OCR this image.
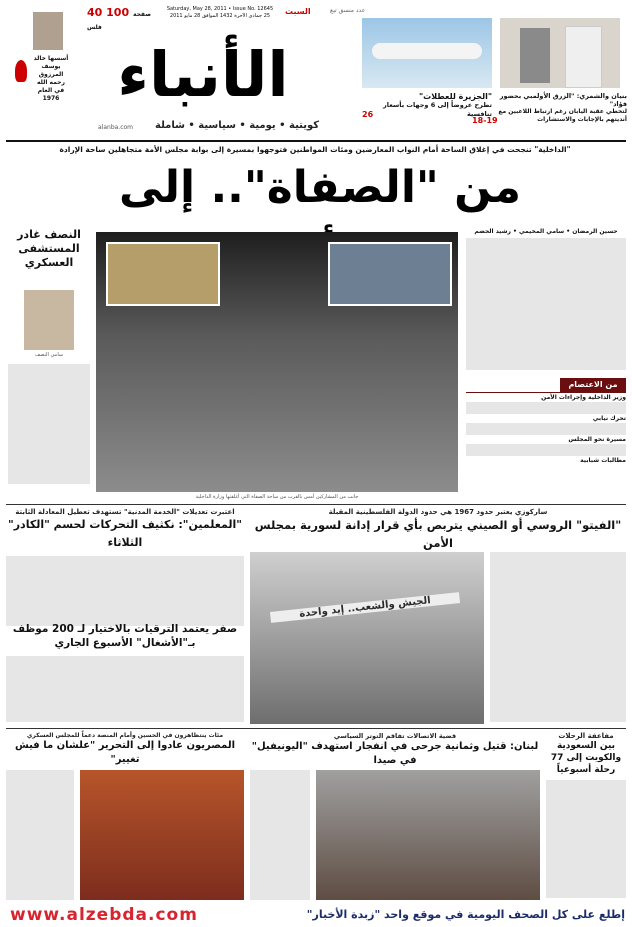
أسسها خالد يوسف المرزوق رحمه الله في العام
1976
40	صفحة 100 فلس
Saturday, May 28, 2011 • Issue No. 12645
25 جمادى الآخرة 1432 الموافق 28 مايو 2011	السبت	عدد منسق تبع
الأنباء
كويتية • يومية • سياسية • شاملة
alanba.com
"الجزيرة للعطلات"
تطرح عروضاً إلى 6 وجهات بأسعار تنافسية
26
بنيان والشمري: "الزرق الأولمبي بحضور فؤاد"
لتخطي عقبة اليابان رغم ارتباط اللاعبين مع أنديتهم بالإجابات والاستشارات
18-19
"الداخلية" تنجحت في إغلاق الساحة أمام النواب المعارضين ومئات المواطنين فتوجهوا بمسيرة إلى بوابة مجلس الأمة متجاهلين ساحة الإرادة
من "الصفاة".. إلى
النصف غادر المستشفى العسكري
سامي النصف
جانب من المشاركين أمس بالقرب من ساحة الصفاة التي أغلقتها وزارة الداخلية
حسين الرمضان • سامي المخيمي • رشيد الحضم
من الاعتصام
وزير الداخلية وإجراءات الأمن
تحرك نيابي
مسيرة نحو المجلس
مطالبات شبابية
ساركوزي يعتبر حدود 1967 هي حدود الدولة الفلسطينية المقبلة
"الفيتو" الروسي أو الصيني يتربص بأي قرار إدانة لسورية بمجلس الأمن
الجيش والشعب.. إيد واحدة
اعتبرت تعديلات "الخدمة المدنية" تستهدف تعطيل المعادلة الثابتة
"المعلمين": نكثيف التحركات لحسم "الكادر" الثلاثاء
صفر يعتمد الترقيات بالاختيار لـ 200 موظف بـ"الأشغال" الأسبوع الجاري
مئات ينتظاهرون في الحسين وأمام المنصة دعماً للمجلس العسكري
المصريون عادوا إلى التحرير "علشان ما فيش تغيير"
قضية الاتصالات تفاقم التوتر السياسي
لبنان: قتيل وثمانية جرحى في انفجار استهدف "اليونيفيل" في صيدا
مفاعفة الرحلات
بين السعودية والكويت إلى 77 رحلة أسبوعياً
www.alzebda.com	إطلع على كل الصحف اليومية في موقع واحد "زبدة الأخبار"
